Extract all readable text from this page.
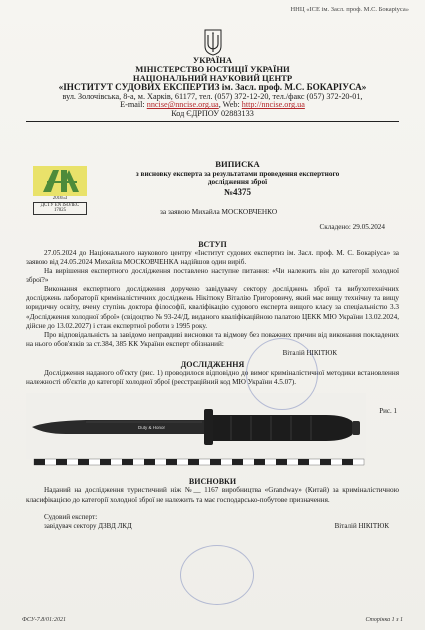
ННЦ «ІСЕ ім. Засл. проф. М.С. Бокаріуса»
УКРАЇНА
МІНІСТЕРСТВО ЮСТИЦІЇ УКРАЇНИ
НАЦІОНАЛЬНИЙ НАУКОВИЙ ЦЕНТР
«ІНСТИТУТ СУДОВИХ ЕКСПЕРТИЗ ім. Засл. проф. М.С. БОКАРІУСА»
вул. Золочівська, 8-а, м. Харків, 61177, тел. (057) 372-12-20, тел./факс (057) 372-20-01,
E-mail: nncise@nncise.org.ua, Web: http://nncise.org.ua
Код ЄДРПОУ 02883133
201653
ДСТУ EN ISO/IEC 17025
ВИПИСКА
з висновку експерта за результатами проведення експертного
дослідження зброї
№4375
за заявою Михайла МОСКОВЧЕНКО
Складено: 29.05.2024
ВСТУП

27.05.2024 до Національного наукового центру «Інститут судових експертиз ім. Засл. проф. М. С. Бокаріуса» за заявою від 24.05.2024 Михайла МОСКОВЧЕНКА надійшов один виріб.

На вирішення експертного дослідження поставлено наступне питання: «Чи належить він до категорії холодної зброї?»

Виконання експертного дослідження доручено завідувачу сектору досліджень зброї та вибухотехнічних досліджень лабораторії криміналістичних досліджень Нікітюку Віталію Григоровичу, який має вищу технічну та вищу юридичну освіту, вчену ступінь доктора філософії, кваліфікацію судового експерта вищого класу за спеціальністю 3.3 «Дослідження холодної зброї» (свідоцтво № 93-24/Д, виданого кваліфікаційною палатою ЦЕКК МЮ України 13.02.2024, дійсне до 13.02.2027) і стаж експертної роботи з 1995 року.

Про відповідальність за завідомо неправдиві висновки та відмову без поважних причин від виконання покладених на нього обов'язків за ст.384, 385 КК України експерт обізнаний:

Віталій НІКІТЮК
ДОСЛІДЖЕННЯ

Дослідження наданого об'єкту (рис. 1) проводилося відповідно до вимог криміналістичної методики встановлення належності об'єктів до категорії холодної зброї (реєстраційний код МЮ України 4.5.07).

Duty & Honor
Рис. 1
ВИСНОВКИ

Наданий на дослідження туристичний ніж №__ 1167 виробництва «Grandway» (Китай) за криміналістичною класифікацією до категорії холодної зброї не належить та має господарсько-побутове призначення.

Судовий експерт:
завідувач сектору ДЗВД ЛКД	Віталій НІКІТЮК
ФСУ-7.8/01:2021	Сторінка 1 з 1
